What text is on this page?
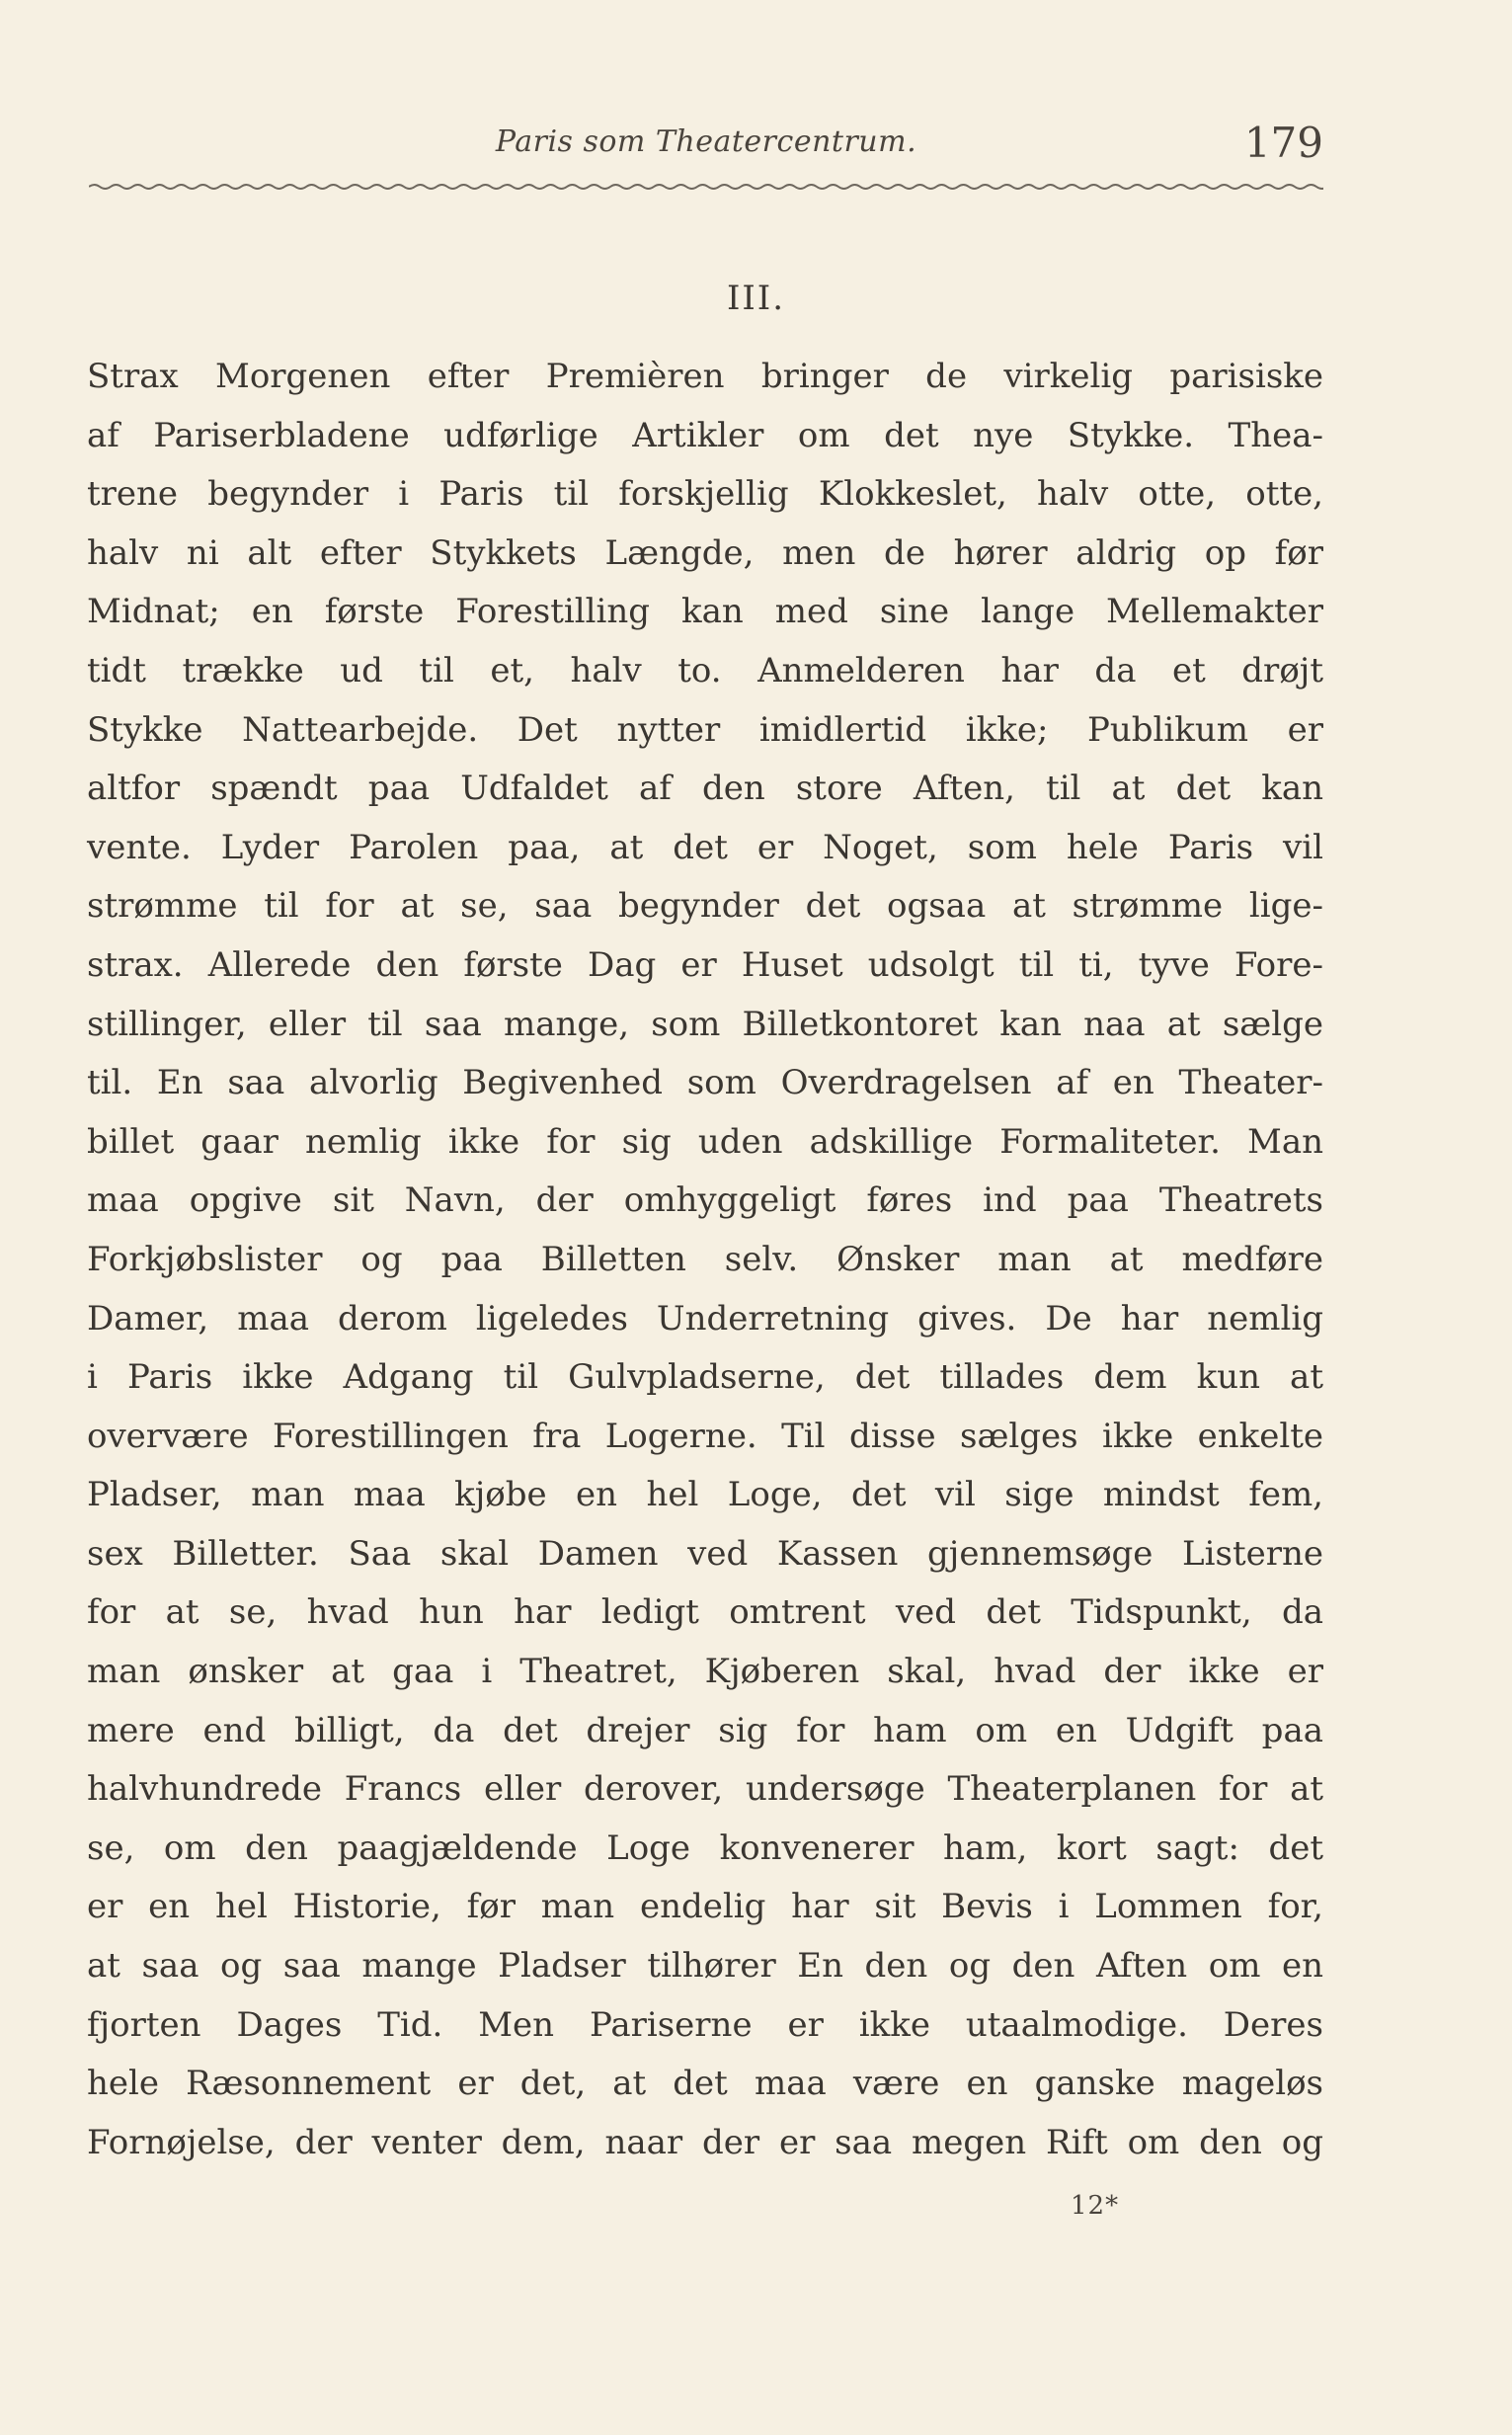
Paris som Theatercentrum.	179
III.
Strax Morgenen efter Premièren bringer de virkelig parisiske
af Pariserbladene udførlige Artikler om det nye Stykke. Thea-
trene begynder i Paris til forskjellig Klokkeslet, halv otte, otte,
halv ni alt efter Stykkets Længde, men de hører aldrig op før
Midnat; en første Forestilling kan med sine lange Mellemakter
tidt trække ud til et, halv to. Anmelderen har da et drøjt
Stykke Nattearbejde. Det nytter imidlertid ikke; Publikum er
altfor spændt paa Udfaldet af den store Aften, til at det kan
vente. Lyder Parolen paa, at det er Noget, som hele Paris vil
strømme til for at se, saa begynder det ogsaa at strømme lige-
strax. Allerede den første Dag er Huset udsolgt til ti, tyve Fore-
stillinger, eller til saa mange, som Billetkontoret kan naa at sælge
til. En saa alvorlig Begivenhed som Overdragelsen af en Theater-
billet gaar nemlig ikke for sig uden adskillige Formaliteter. Man
maa opgive sit Navn, der omhyggeligt føres ind paa Theatrets
Forkjøbslister og paa Billetten selv. Ønsker man at medføre
Damer, maa derom ligeledes Underretning gives. De har nemlig
i Paris ikke Adgang til Gulvpladserne, det tillades dem kun at
overvære Forestillingen fra Logerne. Til disse sælges ikke enkelte
Pladser, man maa kjøbe en hel Loge, det vil sige mindst fem,
sex Billetter. Saa skal Damen ved Kassen gjennemsøge Listerne
for at se, hvad hun har ledigt omtrent ved det Tidspunkt, da
man ønsker at gaa i Theatret, Kjøberen skal, hvad der ikke er
mere end billigt, da det drejer sig for ham om en Udgift paa
halvhundrede Francs eller derover, undersøge Theaterplanen for at
se, om den paagjældende Loge konvenerer ham, kort sagt: det
er en hel Historie, før man endelig har sit Bevis i Lommen for,
at saa og saa mange Pladser tilhører En den og den Aften om en
fjorten Dages Tid. Men Pariserne er ikke utaalmodige. Deres
hele Ræsonnement er det, at det maa være en ganske mageløs
Fornøjelse, der venter dem, naar der er saa megen Rift om den og
12*
